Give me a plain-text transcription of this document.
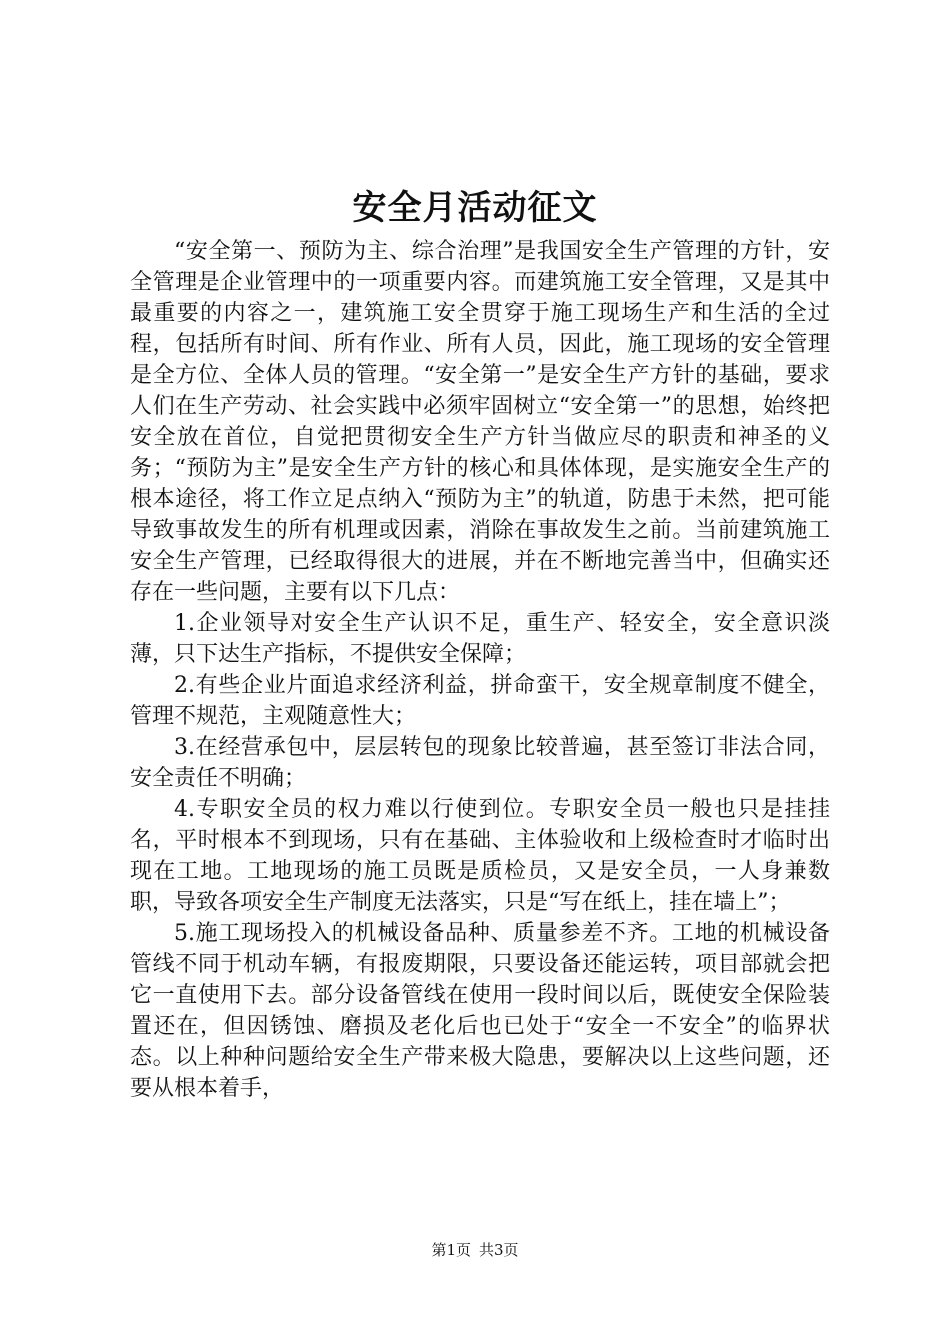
安全月活动征文

“安全第一、预防为主、综合治理”是我国安全生产管理的方针，安全管理是企业管理中的一项重要内容。而建筑施工安全管理，又是其中最重要的内容之一，建筑施工安全贯穿于施工现场生产和生活的全过程，包括所有时间、所有作业、所有人员，因此，施工现场的安全管理是全方位、全体人员的管理。“安全第一”是安全生产方针的基础，要求人们在生产劳动、社会实践中必须牢固树立“安全第一”的思想，始终把安全放在首位，自觉把贯彻安全生产方针当做应尽的职责和神圣的义务；“预防为主”是安全生产方针的核心和具体体现，是实施安全生产的根本途径，将工作立足点纳入“预防为主”的轨道，防患于未然，把可能导致事故发生的所有机理或因素，消除在事故发生之前。当前建筑施工安全生产管理，已经取得很大的进展，并在不断地完善当中，但确实还存在一些问题，主要有以下几点：

1.企业领导对安全生产认识不足，重生产、轻安全，安全意识淡薄，只下达生产指标，不提供安全保障；

2.有些企业片面追求经济利益，拼命蛮干，安全规章制度不健全，管理不规范，主观随意性大；

3.在经营承包中，层层转包的现象比较普遍，甚至签订非法合同，安全责任不明确；

4.专职安全员的权力难以行使到位。专职安全员一般也只是挂挂名，平时根本不到现场，只有在基础、主体验收和上级检查时才临时出现在工地。工地现场的施工员既是质检员，又是安全员，一人身兼数职，导致各项安全生产制度无法落实，只是“写在纸上，挂在墙上”；

5.施工现场投入的机械设备品种、质量参差不齐。工地的机械设备管线不同于机动车辆，有报废期限，只要设备还能运转，项目部就会把它一直使用下去。部分设备管线在使用一段时间以后，既使安全保险装置还在，但因锈蚀、磨损及老化后也已处于“安全一不安全”的临界状态。以上种种问题给安全生产带来极大隐患，要解决以上这些问题，还要从根本着手，

第1页 共3页
